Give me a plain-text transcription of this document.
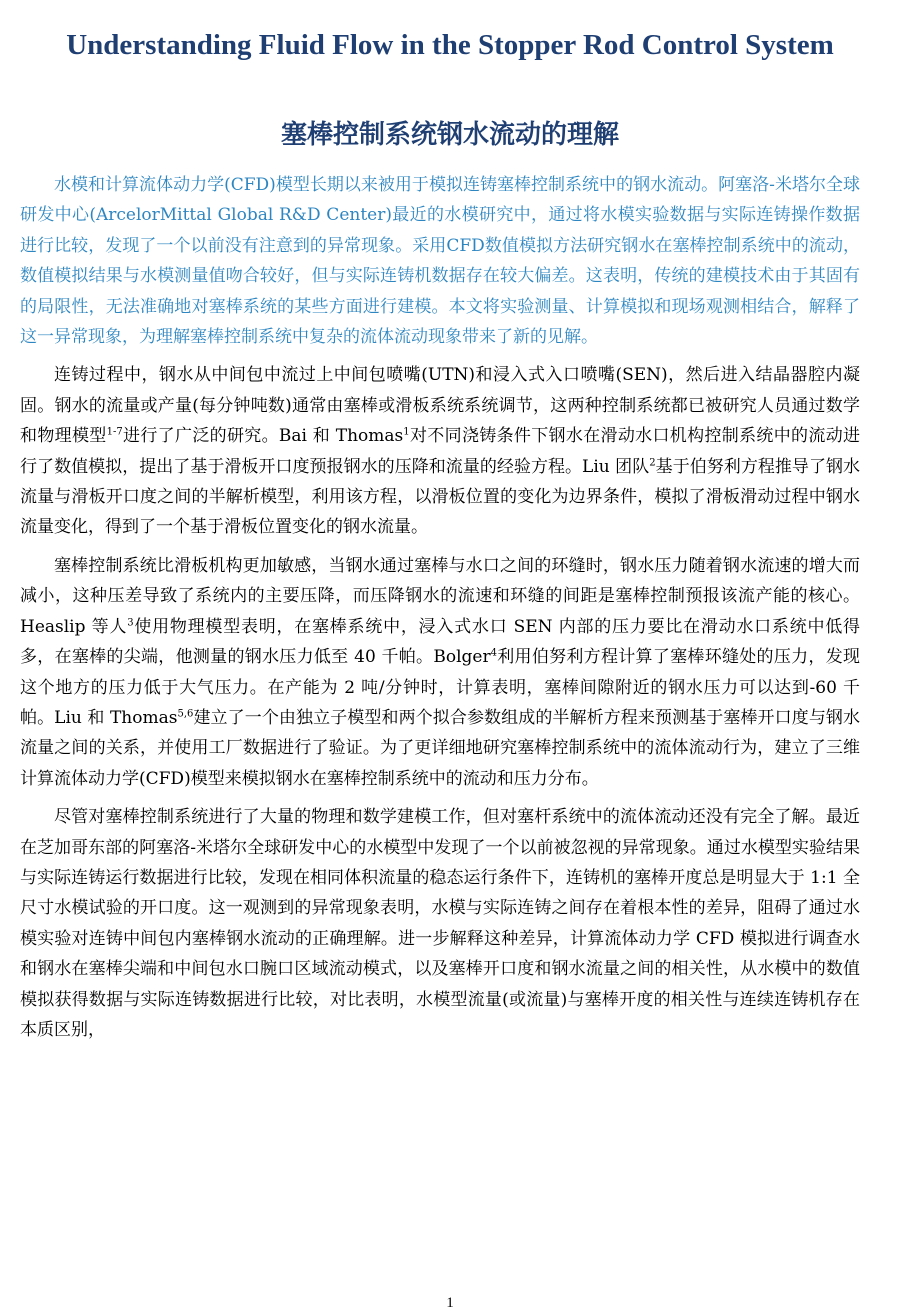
Understanding Fluid Flow in the Stopper Rod Control System
塞棒控制系统钢水流动的理解

水模和计算流体动力学(CFD)模型长期以来被用于模拟连铸塞棒控制系统中的钢水流动。阿塞洛-米塔尔全球研发中心(ArcelorMittal Global R&D Center)最近的水模研究中，通过将水模实验数据与实际连铸操作数据进行比较，发现了一个以前没有注意到的异常现象。采用CFD数值模拟方法研究钢水在塞棒控制系统中的流动，数值模拟结果与水模测量值吻合较好，但与实际连铸机数据存在较大偏差。这表明，传统的建模技术由于其固有的局限性，无法准确地对塞棒系统的某些方面进行建模。本文将实验测量、计算模拟和现场观测相结合，解释了这一异常现象，为理解塞棒控制系统中复杂的流体流动现象带来了新的见解。

连铸过程中，钢水从中间包中流过上中间包喷嘴(UTN)和浸入式入口喷嘴(SEN)，然后进入结晶器腔内凝固。钢水的流量或产量(每分钟吨数)通常由塞棒或滑板系统系统调节，这两种控制系统都已被研究人员通过数学和物理模型$^{1-7}$进行了广泛的研究。Bai 和 Thomas$^1$对不同浇铸条件下钢水在滑动水口机构控制系统中的流动进行了数值模拟，提出了基于滑板开口度预报钢水的压降和流量的经验方程。Liu 团队$^2$基于伯努利方程推导了钢水流量与滑板开口度之间的半解析模型，利用该方程，以滑板位置的变化为边界条件，模拟了滑板滑动过程中钢水流量变化，得到了一个基于滑板位置变化的钢水流量。

塞棒控制系统比滑板机构更加敏感，当钢水通过塞棒与水口之间的环缝时，钢水压力随着钢水流速的增大而减小，这种压差导致了系统内的主要压降，而压降钢水的流速和环缝的间距是塞棒控制预报该流产能的核心。Heaslip 等人$^3$使用物理模型表明，在塞棒系统中，浸入式水口 SEN 内部的压力要比在滑动水口系统中低得多，在塞棒的尖端，他测量的钢水压力低至 40 千帕。Bolger$^4$利用伯努利方程计算了塞棒环缝处的压力，发现这个地方的压力低于大气压力。在产能为 2 吨/分钟时，计算表明，塞棒间隙附近的钢水压力可以达到-60 千帕。Liu 和 Thomas$^{5,6}$建立了一个由独立子模型和两个拟合参数组成的半解析方程来预测基于塞棒开口度与钢水流量之间的关系，并使用工厂数据进行了验证。为了更详细地研究塞棒控制系统中的流体流动行为，建立了三维计算流体动力学(CFD)模型来模拟钢水在塞棒控制系统中的流动和压力分布。

尽管对塞棒控制系统进行了大量的物理和数学建模工作，但对塞杆系统中的流体流动还没有完全了解。最近在芝加哥东部的阿塞洛-米塔尔全球研发中心的水模型中发现了一个以前被忽视的异常现象。通过水模型实验结果与实际连铸运行数据进行比较，发现在相同体积流量的稳态运行条件下，连铸机的塞棒开度总是明显大于 1:1 全尺寸水模试验的开口度。这一观测到的异常现象表明，水模与实际连铸之间存在着根本性的差异，阻碍了通过水模实验对连铸中间包内塞棒钢水流动的正确理解。进一步解释这种差异，计算流体动力学 CFD 模拟进行调查水和钢水在塞棒尖端和中间包水口腕口区域流动模式，以及塞棒开口度和钢水流量之间的相关性，从水模中的数值模拟获得数据与实际连铸数据进行比较，对比表明，水模型流量(或流量)与塞棒开度的相关性与连续连铸机存在本质区别，

1
